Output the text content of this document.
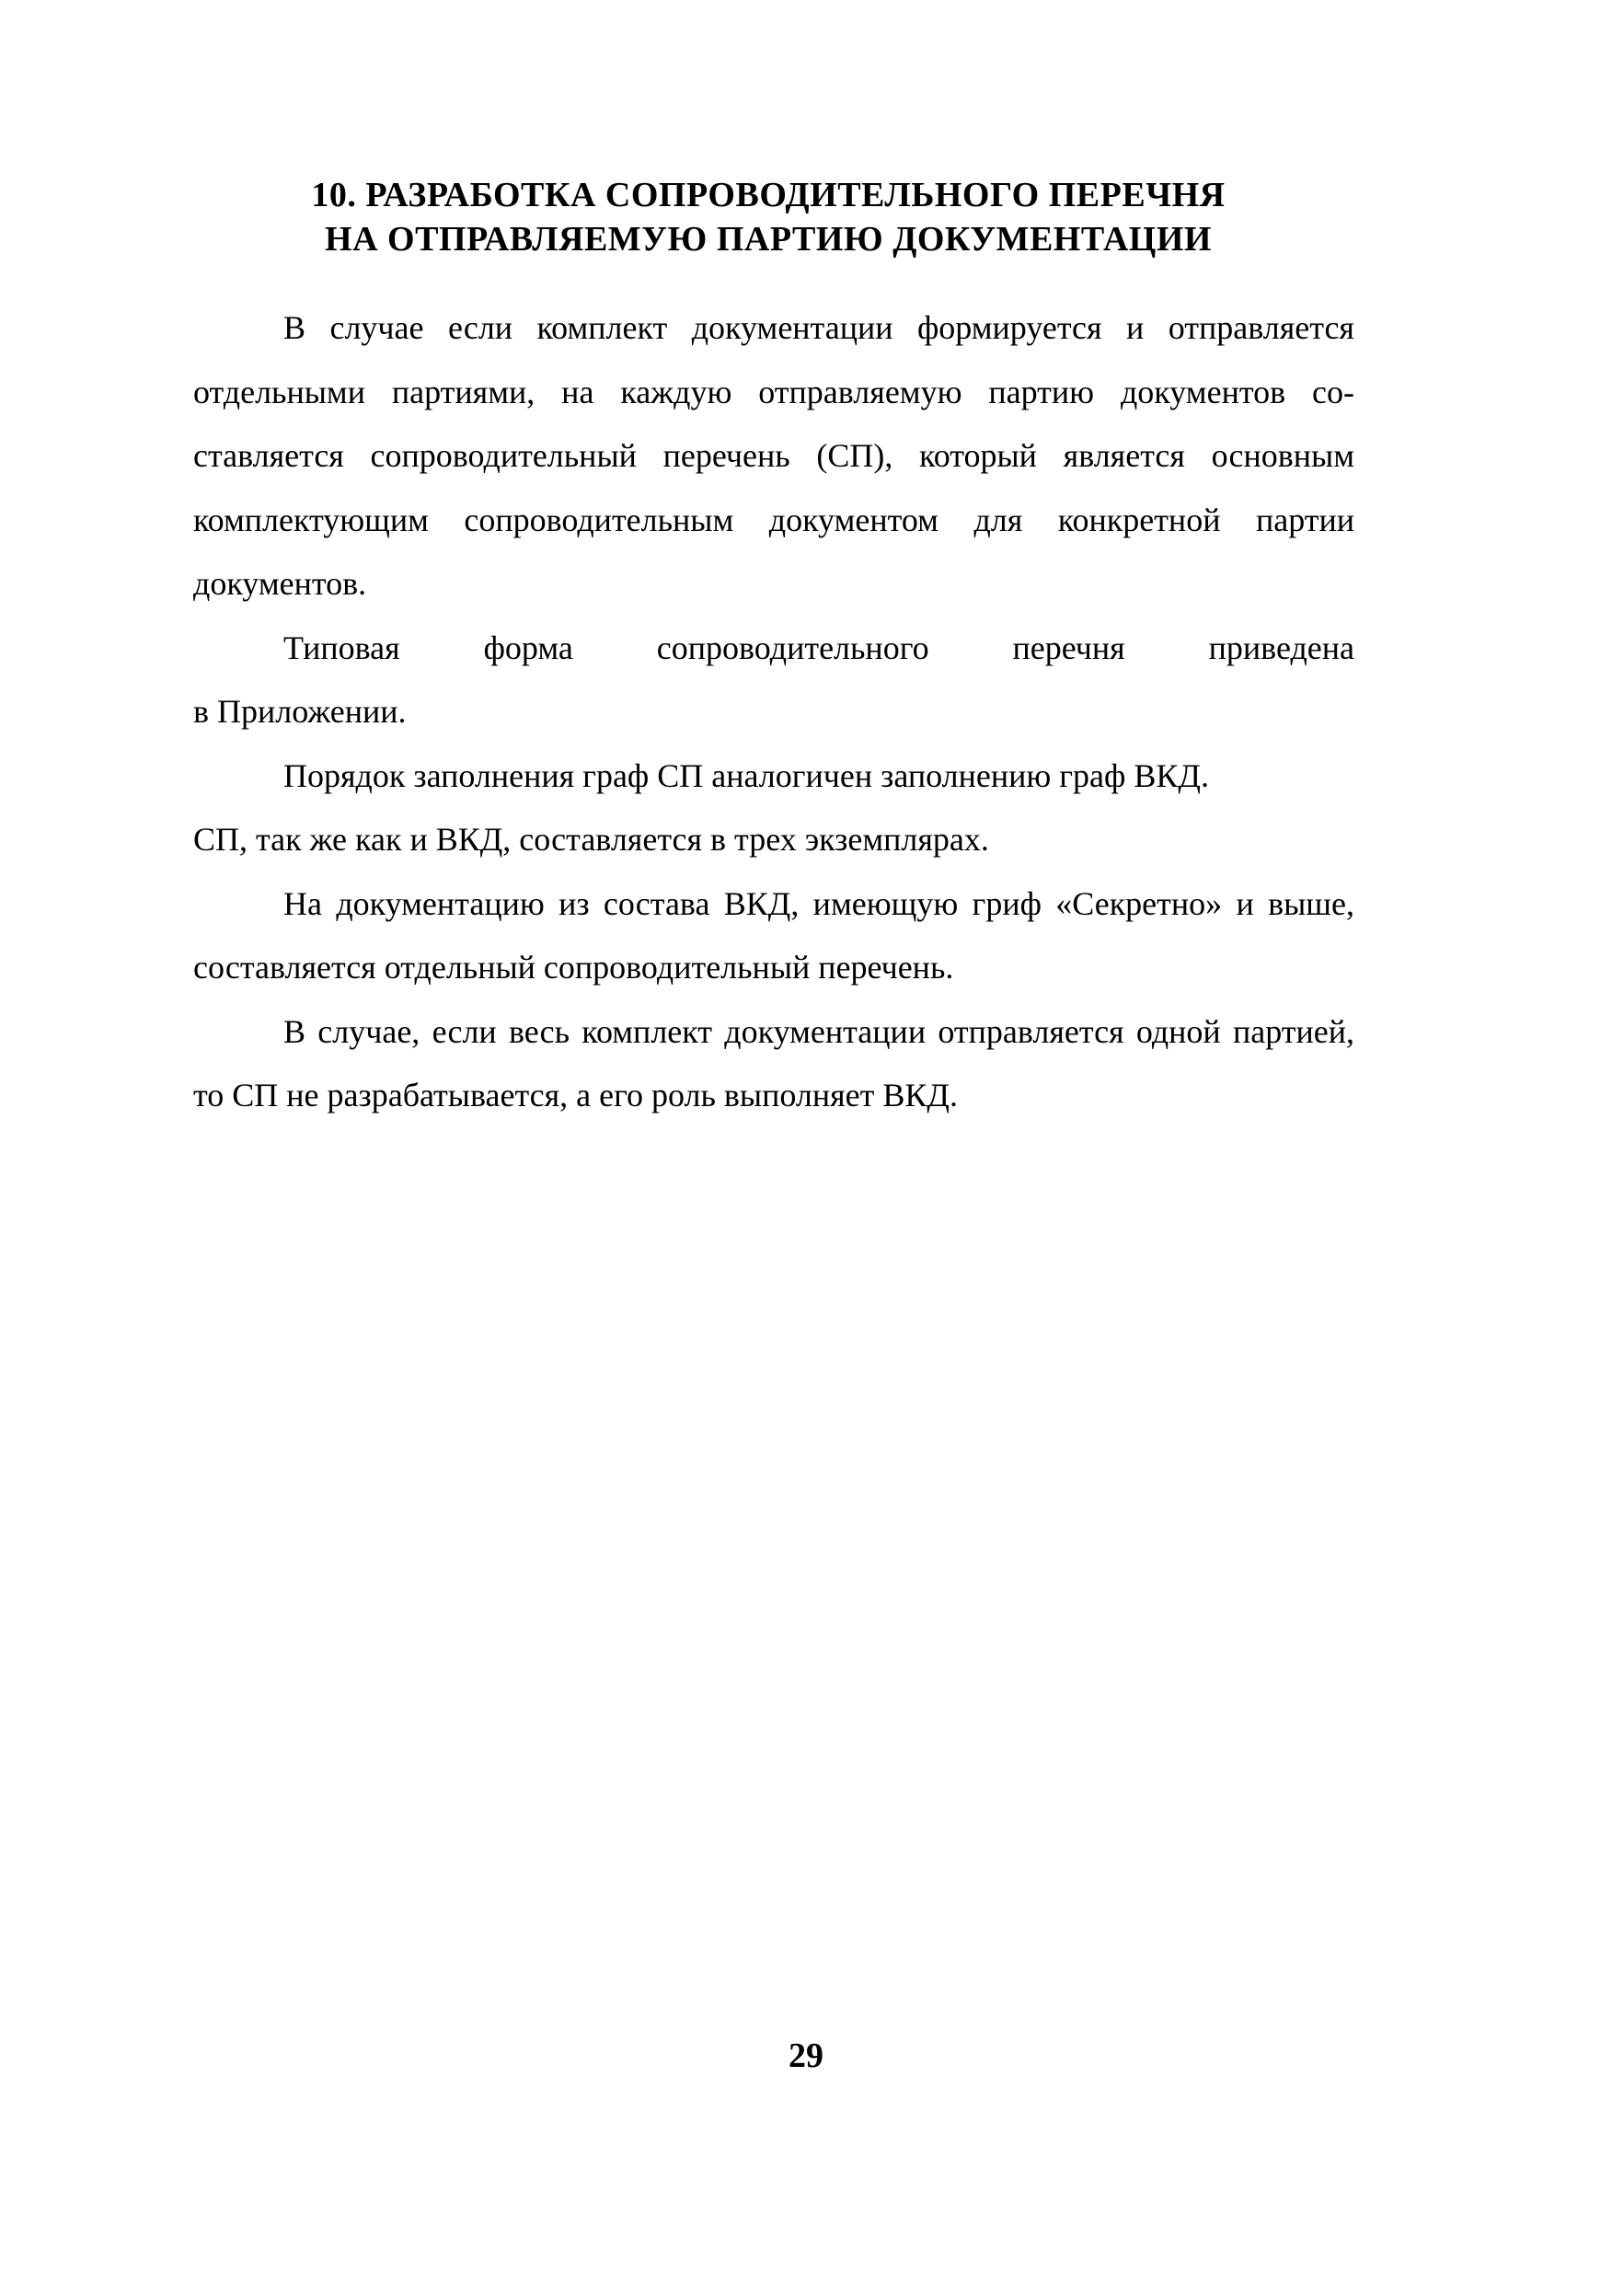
10. РАЗРАБОТКА СОПРОВОДИТЕЛЬНОГО ПЕРЕЧНЯ
НА ОТПРАВЛЯЕМУЮ ПАРТИЮ ДОКУМЕНТАЦИИ

В случае если комплект документации формируется и отправляется отдельными партиями, на каждую отправляемую партию документов составляется сопроводительный перечень (СП), который является основным комплектующим сопроводительным документом для конкретной партии документов.

Типовая форма сопроводительного перечня приведена

в Приложении.

Порядок заполнения граф СП аналогичен заполнению граф ВКД.

СП, так же как и ВКД, составляется в трех экземплярах.

На документацию из состава ВКД, имеющую гриф «Секретно» и выше, составляется отдельный сопроводительный перечень.

В случае, если весь комплект документации отправляется одной партией, то СП не разрабатывается, а его роль выполняет ВКД.

29
